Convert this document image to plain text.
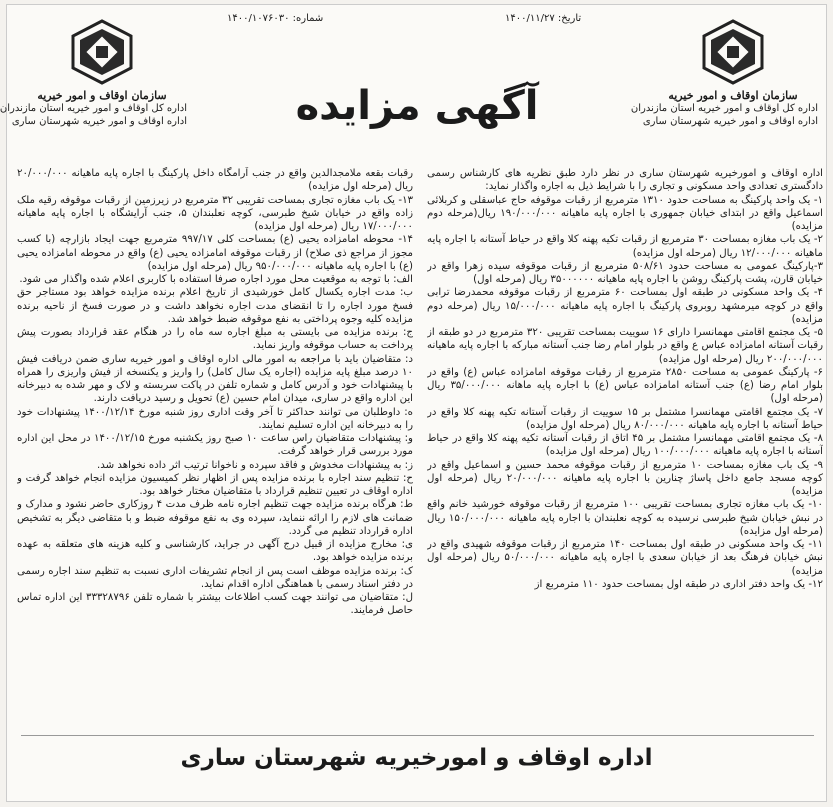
سازمان اوقاف و امور خیریه
اداره کل اوقاف و امور خیریه استان مازندران
اداره اوقاف و امور خیریه شهرستان ساری
سازمان اوقاف و امور خیریه
اداره کل اوقاف و امور خیریه استان مازندران
اداره اوقاف و امور خیریه شهرستان ساری
تاریخ: ۱۴۰۰/۱۱/۲۷
شماره: ۱۴۰۰/۱۰۷۶۰۳۰
آگهی مزایده

اداره اوقاف و امورخیریه شهرستان ساری در نظر دارد طبق نظریه های کارشناس رسمی دادگستری تعدادی واحد مسکونی و تجاری را با شرایط ذیل به اجاره واگذار نماید:

۱- یک واحد پارکینگ به مساحت حدود ۱۳۱۰ مترمربع از رقبات موقوفه حاج عباسقلی و کربلائی اسماعیل واقع در ابتدای خیابان جمهوری با اجاره پایه ماهیانه ۱۹۰/۰۰۰/۰۰۰ ریال(مرحله دوم مزایده)

۲- یک باب مغازه بمساحت ۳۰ مترمربع از رقبات تکیه پهنه کلا واقع در حیاط آستانه با اجاره پایه ماهیانه ۱۲/۰۰۰/۰۰۰ ریال (مرحله اول مزایده)

۳-پارکینگ عمومی به مساحت حدود ۵۰۸/۶۱ مترمربع از رقبات موقوفه سیده زهرا واقع در خیابان قارن، پشت پارکینگ روشن با اجاره پایه ماهیانه ۳۵۰۰۰۰۰۰ ریال (مرحله اول)

۴- یک واحد مسکونی در طبقه اول بمساحت ۶۰ مترمربع از رقبات موقوفه محمدرضا ترابی واقع در کوچه میرمشهد روبروی پارکینگ با اجاره پایه ماهیانه ۱۵/۰۰۰/۰۰۰ ریال (مرحله دوم مزایده)

۵- یک مجتمع اقامتی مهمانسرا دارای ۱۶ سوییت بمساحت تقریبی ۳۲۰ مترمربع در دو طبقه از رقبات آستانه امامزاده عباس ع واقع در بلوار امام رضا جنب آستانه مبارکه با اجاره پایه ماهیانه ۲۰۰/۰۰۰/۰۰۰ ریال (مرحله اول مزایده)

۶- پارکینگ عمومی به مساحت ۲۸۵۰ مترمربع از رقبات موقوفه امامزاده عباس (ع) واقع در بلوار امام رضا (ع) جنب آستانه امامزاده عباس (ع) با اجاره پایه ماهانه ۳۵/۰۰۰/۰۰۰ ریال (مرحله اول)

۷- یک مجتمع اقامتی مهمانسرا مشتمل بر ۱۵ سوییت از رقبات آستانه تکیه پهنه کلا واقع در حیاط آستانه با اجاره پایه ماهیانه ۸۰/۰۰۰/۰۰۰ ریال (مرحله اول مزایده)

۸- یک مجتمع اقامتی مهمانسرا مشتمل بر ۴۵ اتاق از رقبات آستانه تکیه پهنه کلا واقع در حیاط آستانه با اجاره پایه ماهیانه ۱۰۰/۰۰۰/۰۰۰ ریال (مرحله اول مزایده)

۹- یک باب مغازه بمساحت ۱۰ مترمربع از رقبات موقوفه محمد حسین و اسماعیل واقع در کوچه مسجد جامع داخل پاساژ چنارین با اجاره پایه ماهیانه ۲۰/۰۰۰/۰۰۰ ریال (مرحله اول مزایده)

۱۰- یک باب مغازه تجاری بمساحت تقریبی ۱۰۰ مترمربع از رقبات موقوفه خورشید خانم واقع در نبش خیابان شیخ طبرسی نرسیده به کوچه نعلبندان با اجاره پایه ماهیانه ۱۵۰/۰۰۰/۰۰۰ ریال (مرحله اول مزایده)

۱۱- یک واحد مسکونی در طبقه اول بمساحت ۱۴۰ مترمربع از رقبات موقوفه شهیدی واقع در نبش خیابان فرهنگ بعد از خیابان سعدی با اجاره پایه ماهیانه ۵۰/۰۰۰/۰۰۰ ریال (مرحله اول مزایده)

۱۲- یک واحد دفتر اداری در طبقه اول بمساحت حدود ۱۱۰ مترمربع از

رقبات بقعه ملامجدالدین واقع در جنب آرامگاه داخل پارکینگ با اجاره پایه ماهیانه ۲۰/۰۰۰/۰۰۰ ریال (مرحله اول مزایده)

۱۳- یک باب مغازه تجاری بمساحت تقریبی ۳۲ مترمربع در زیرزمین از رقبات موقوفه رقیه ملک زاده واقع در خیابان شیخ طبرسی، کوچه نعلبندان ۵، جنب آرایشگاه با اجاره پایه ماهیانه ۱۷/۰۰۰/۰۰۰ ریال (مرحله اول مزایده)

۱۴- محوطه امامزاده یحیی (ع) بمساحت کلی ۹۹۷/۱۷ مترمربع جهت ایجاد بازارچه (با کسب مجوز از مراجع ذی صلاح) از رقبات موقوفه امامزاده یحیی (ع) واقع در محوطه امامزاده یحیی (ع) با اجاره پایه ماهیانه ۹۵۰/۰۰۰/۰۰۰ ریال (مرحله اول مزایده)

الف: با توجه به موقعیت محل مورد اجاره صرفا استفاده با کاربری اعلام شده واگذار می شود.

ب: مدت اجاره یکسال کامل خورشیدی از تاریخ اعلام برنده مزایده خواهد بود مستاجر حق فسخ مورد اجاره را تا انقضای مدت اجاره نخواهد داشت و در صورت فسخ از ناحیه برنده مزایده کلیه وجوه پرداختی به نفع موقوفه ضبط خواهد شد.

ج: برنده مزایده می بایستی به مبلغ اجاره سه ماه را در هنگام عقد قرارداد بصورت پیش پرداخت به حساب موقوفه واریز نماید.

د: متقاضیان باید با مراجعه به امور مالی اداره اوقاف و امور خیریه ساری ضمن دریافت فیش ۱۰ درصد مبلغ پایه مزایده (اجاره یک سال کامل) را واریز و یکنسخه از فیش واریزی را همراه با پیشنهادات خود و آدرس کامل و شماره تلفن در پاکت سربسته و لاک و مهر شده به دبیرخانه این اداره واقع در ساری، میدان امام حسین (ع) تحویل و رسید دریافت دارند.

ه: داوطلبان می توانند حداکثر تا آخر وقت اداری روز شنبه مورخ ۱۴۰۰/۱۲/۱۴ پیشنهادات خود را به دبیرخانه این اداره تسلیم نمایند.

و: پیشنهادات متقاضیان راس ساعت ۱۰ صبح روز یکشنبه مورخ ۱۴۰۰/۱۲/۱۵ در محل این اداره مورد بررسی قرار خواهد گرفت.

ز: به پیشنهادات مخدوش و فاقد سپرده و ناخوانا ترتیب اثر داده نخواهد شد.

ح: تنظیم سند اجاره با برنده مزایده پس از اظهار نظر کمیسیون مزایده انجام خواهد گرفت و اداره اوقاف در تعیین تنظیم قرارداد با متقاضیان مختار خواهد بود.

ط: هرگاه برنده مزایده جهت تنظیم اجاره نامه ظرف مدت ۴ روزکاری حاضر نشود و مدارک و ضمانت های لازم را ارائه ننماید، سپرده وی به نفع موقوفه ضبط و با متقاضی دیگر به تشخیص اداره قرارداد تنظیم می گردد.

ی: مخارج مزایده از قبیل درج آگهی در جراید، کارشناسی و کلیه هزینه های متعلقه به عهده برنده مزایده خواهد بود.

ک: برنده مزایده موظف است پس از انجام تشریفات اداری نسبت به تنظیم سند اجاره رسمی در دفتر اسناد رسمی با هماهنگی اداره اقدام نماید.

ل: متقاضیان می توانند جهت کسب اطلاعات بیشتر با شماره تلفن ۳۳۳۲۸۷۹۶ این اداره تماس حاصل فرمایند.

اداره اوقاف و امورخیریه شهرستان ساری
